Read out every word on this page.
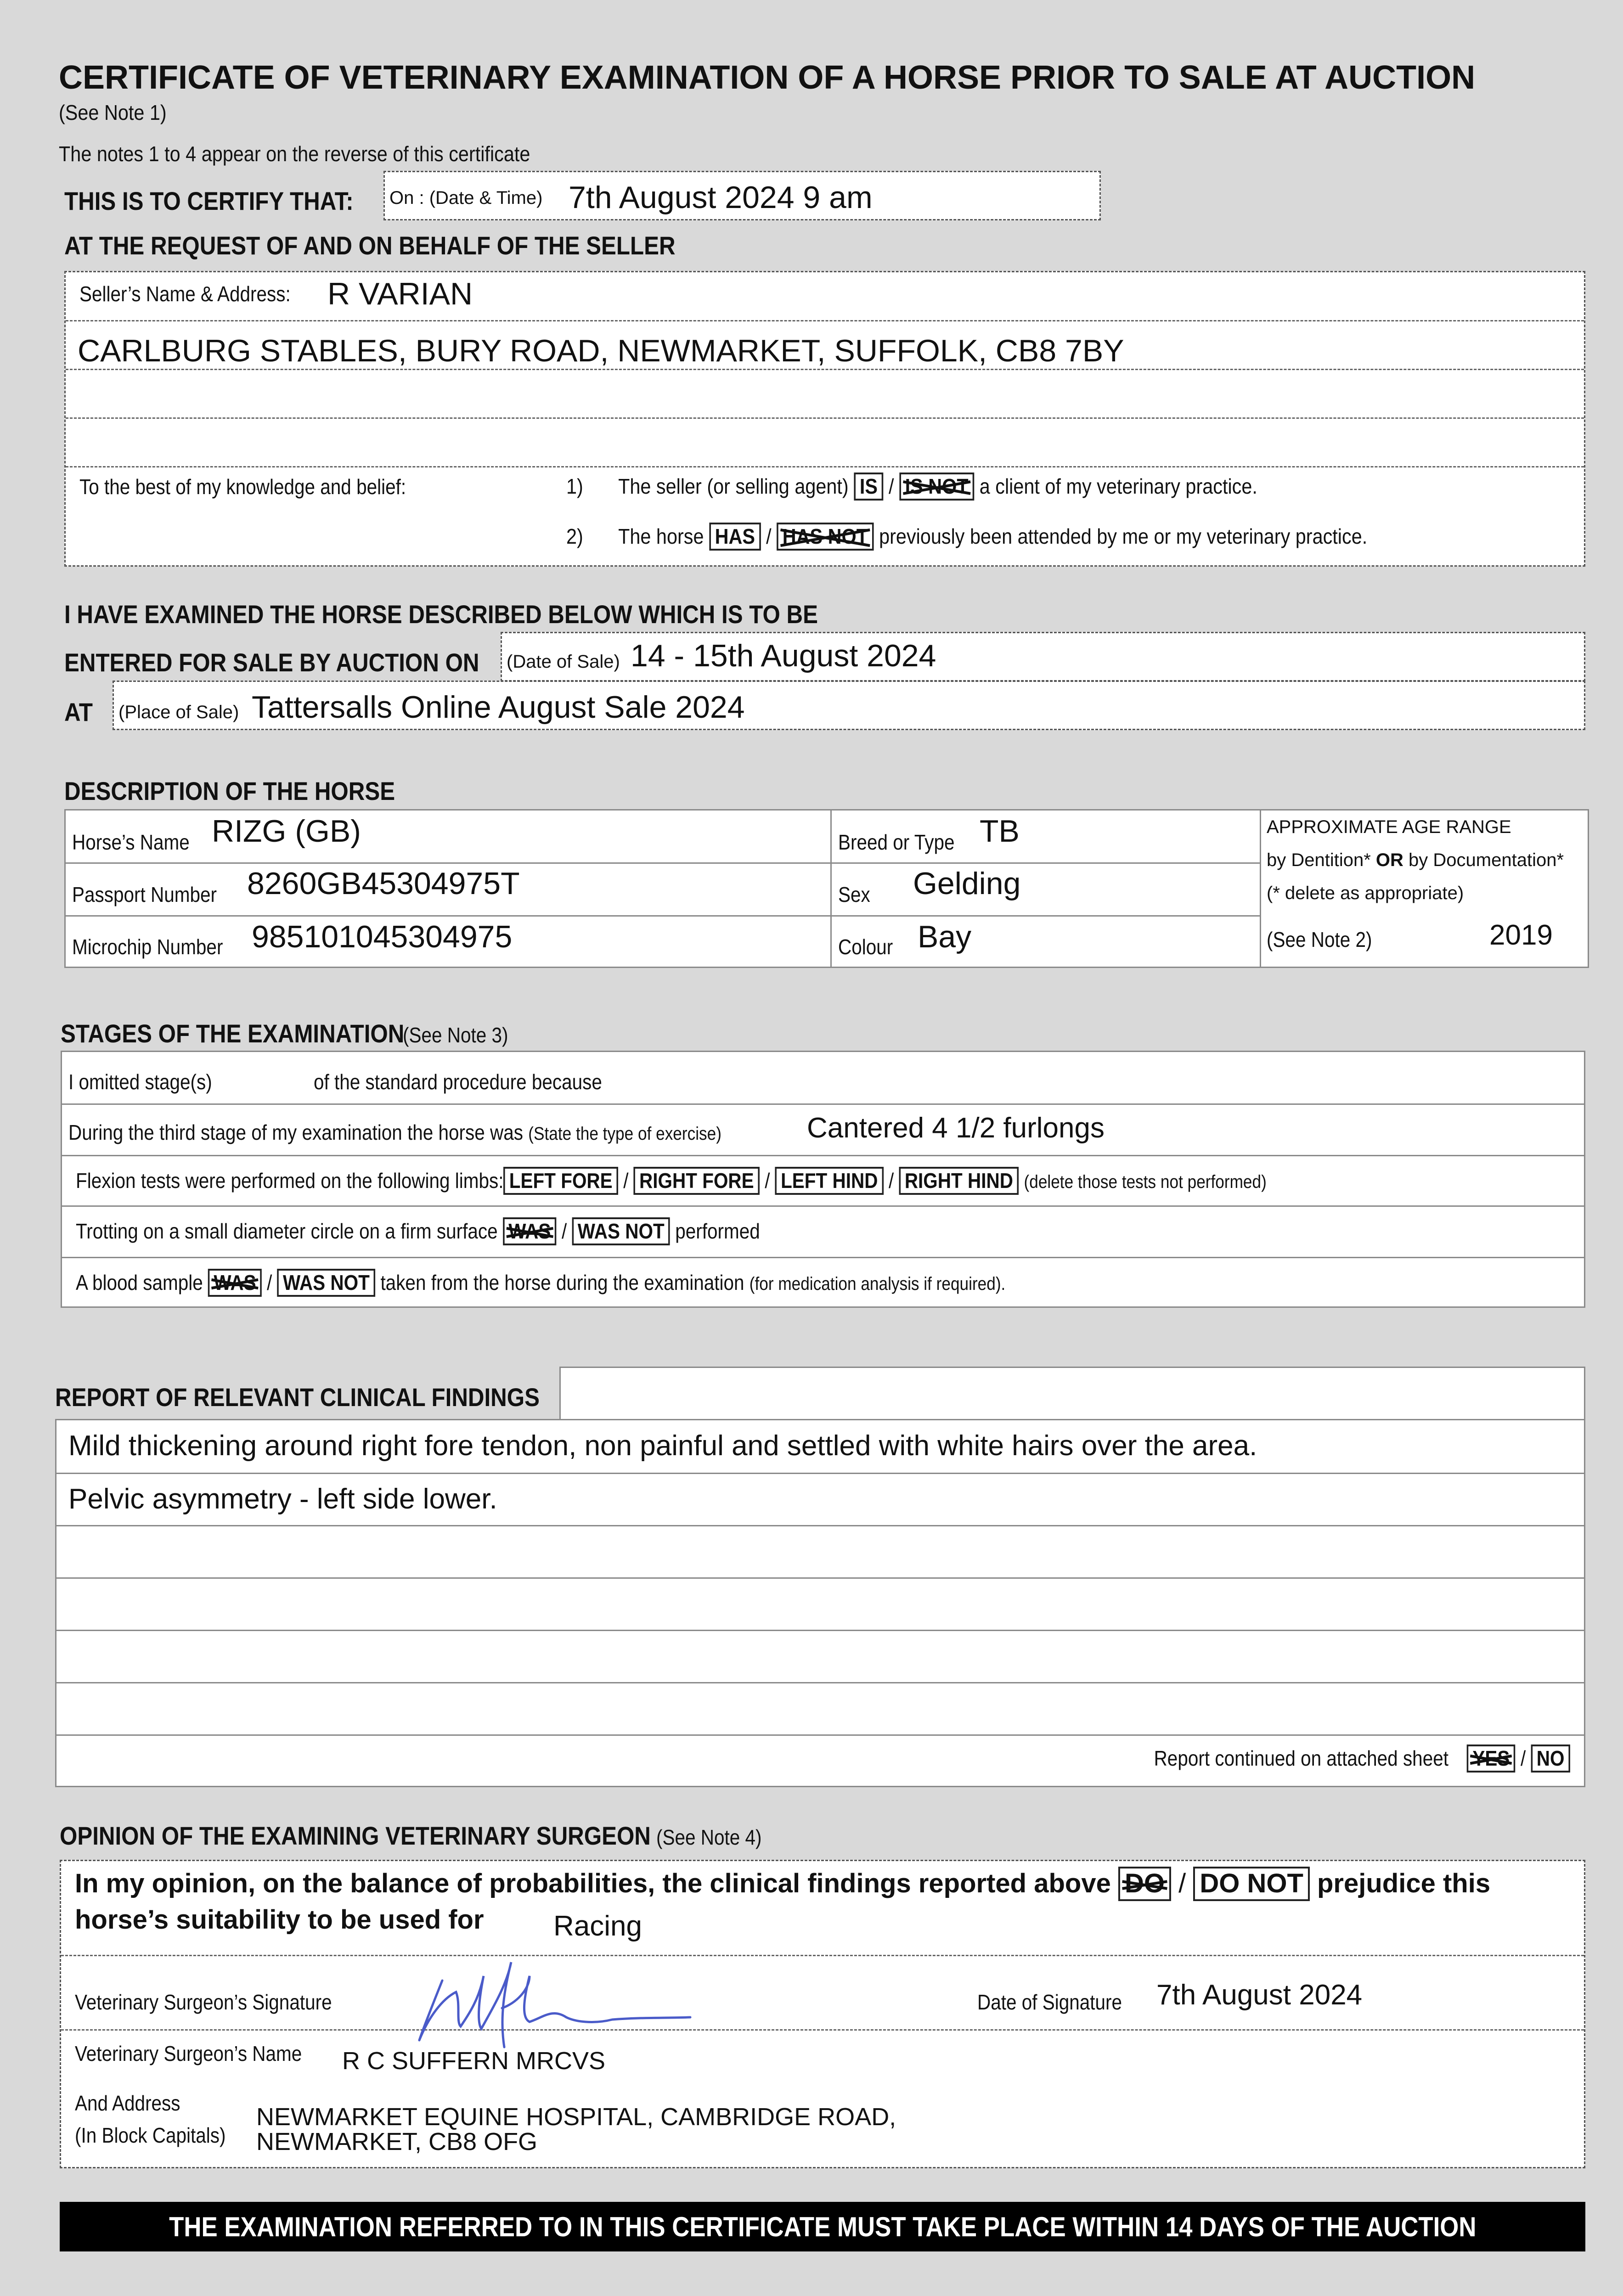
CERTIFICATE OF VETERINARY EXAMINATION OF A HORSE PRIOR TO SALE AT AUCTION
(See Note 1)
The notes 1 to 4 appear on the reverse of this certificate
THIS IS TO CERTIFY THAT: On : (Date & Time) 7th August 2024 9 am
AT THE REQUEST OF AND ON BEHALF OF THE SELLER
Seller’s Name & Address: R VARIAN
CARLBURG STABLES, BURY ROAD, NEWMARKET, SUFFOLK, CB8 7BY
To the best of my knowledge and belief:	1) The seller (or selling agent) IS / IS NOT a client of my veterinary practice.
2) The horse HAS / HAS NOT previously been attended by me or my veterinary practice.
I HAVE EXAMINED THE HORSE DESCRIBED BELOW WHICH IS TO BE
ENTERED FOR SALE BY AUCTION ON (Date of Sale) 14 - 15th August 2024
AT (Place of Sale) Tattersalls Online August Sale 2024
DESCRIPTION OF THE HORSE
Horse’s Name RIZG (GB)
Passport Number 8260GB45304975T
Microchip Number 985101045304975
Breed or Type TB
Sex Gelding
Colour Bay
APPROXIMATE AGE RANGE
by Dentition* OR by Documentation*
(* delete as appropriate)
(See Note 2)	2019
STAGES OF THE EXAMINATION (See Note 3)
I omitted stage(s)	of the standard procedure because
During the third stage of my examination the horse was (State the type of exercise)	Cantered 4 1/2 furlongs
Flexion tests were performed on the following limbs: LEFT FORE / RIGHT FORE / LEFT HIND / RIGHT HIND (delete those tests not performed)
Trotting on a small diameter circle on a firm surface WAS / WAS NOT performed
A blood sample WAS / WAS NOT taken from the horse during the examination (for medication analysis if required).
REPORT OF RELEVANT CLINICAL FINDINGS
Mild thickening around right fore tendon, non painful and settled with white hairs over the area.
Pelvic asymmetry - left side lower.
Report continued on attached sheet YES / NO
OPINION OF THE EXAMINING VETERINARY SURGEON (See Note 4)
In my opinion, on the balance of probabilities, the clinical findings reported above DO / DO NOT prejudice this
horse’s suitability to be used for Racing
Veterinary Surgeon’s Signature	Date of Signature 7th August 2024
Veterinary Surgeon’s Name R C SUFFERN MRCVS
And Address
(In Block Capitals)
NEWMARKET EQUINE HOSPITAL, CAMBRIDGE ROAD,
NEWMARKET, CB8 OFG
THE EXAMINATION REFERRED TO IN THIS CERTIFICATE MUST TAKE PLACE WITHIN 14 DAYS OF THE AUCTION
